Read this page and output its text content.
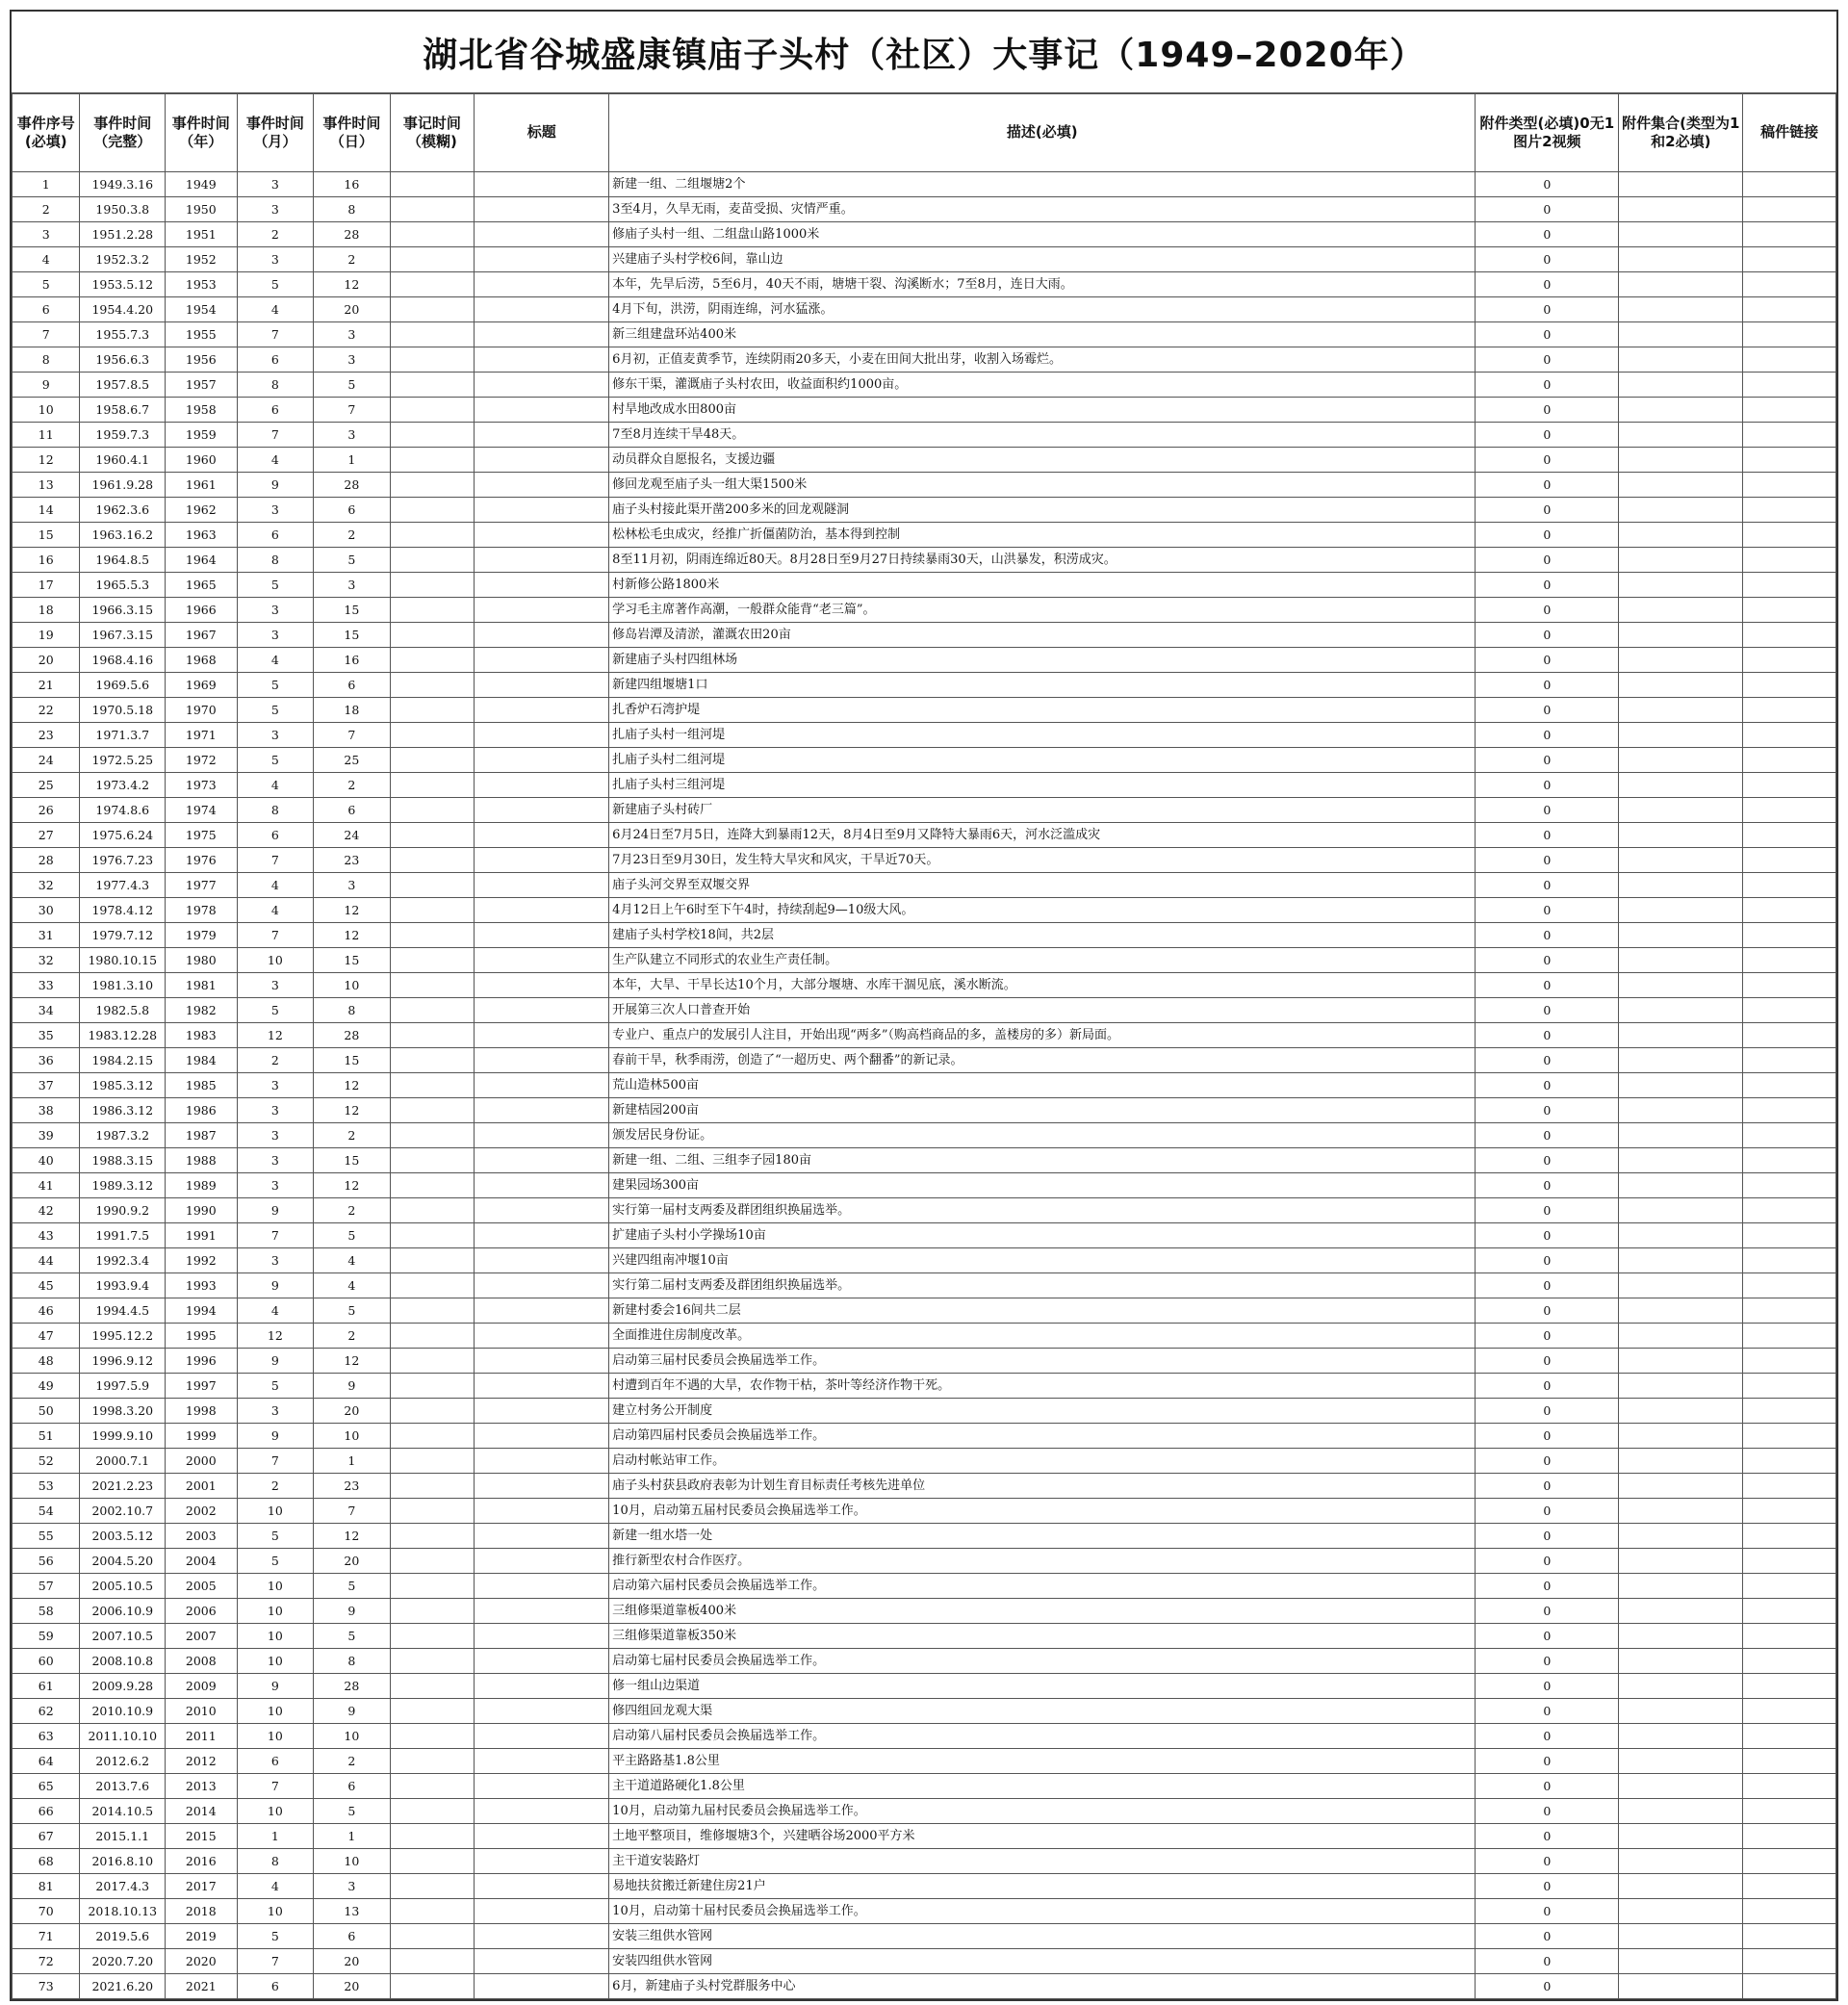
湖北省谷城盛康镇庙子头村（社区）大事记（1949–2020年）
事件序号(必填)	事件时间（完整）	事件时间（年）	事件时间（月）	事件时间（日）	事记时间（模糊)	标题	描述(必填)	附件类型(必填)0无1图片2视频	附件集合(类型为1和2必填)	稿件链接
1	1949.3.16	1949	3	16			新建一组、二组堰塘2个	0		
2	1950.3.8	1950	3	8			3至4月，久旱无雨，麦苗受损、灾情严重。	0		
3	1951.2.28	1951	2	28			修庙子头村一组、二组盘山路1000米	0		
4	1952.3.2	1952	3	2			兴建庙子头村学校6间，靠山边	0		
5	1953.5.12	1953	5	12			本年，先旱后涝，5至6月，40天不雨，塘塘干裂、沟溪断水；7至8月，连日大雨。	0		
6	1954.4.20	1954	4	20			4月下旬，洪涝，阴雨连绵，河水猛涨。	0		
7	1955.7.3	1955	7	3			新三组建盘环站400米	0		
8	1956.6.3	1956	6	3			6月初，正值麦黄季节，连续阴雨20多天，小麦在田间大批出芽，收割入场霉烂。	0		
9	1957.8.5	1957	8	5			修东干渠，灌溉庙子头村农田，收益面积约1000亩。	0		
10	1958.6.7	1958	6	7			村旱地改成水田800亩	0		
11	1959.7.3	1959	7	3			7至8月连续干旱48天。	0		
12	1960.4.1	1960	4	1			动员群众自愿报名，支援边疆	0		
13	1961.9.28	1961	9	28			修回龙观至庙子头一组大渠1500米	0		
14	1962.3.6	1962	3	6			庙子头村接此渠开凿200多米的回龙观隧洞	0		
15	1963.16.2	1963	6	2			松林松毛虫成灾，经推广折僵菌防治，基本得到控制	0		
16	1964.8.5	1964	8	5			8至11月初，阴雨连绵近80天。8月28日至9月27日持续暴雨30天，山洪暴发，积涝成灾。	0		
17	1965.5.3	1965	5	3			村新修公路1800米	0		
18	1966.3.15	1966	3	15			学习毛主席著作高潮，一般群众能背“老三篇”。	0		
19	1967.3.15	1967	3	15			修岛岩潭及清淤，灌溉农田20亩	0		
20	1968.4.16	1968	4	16			新建庙子头村四组林场	0		
21	1969.5.6	1969	5	6			新建四组堰塘1口	0		
22	1970.5.18	1970	5	18			扎香炉石湾护堤	0		
23	1971.3.7	1971	3	7			扎庙子头村一组河堤	0		
24	1972.5.25	1972	5	25			扎庙子头村二组河堤	0		
25	1973.4.2	1973	4	2			扎庙子头村三组河堤	0		
26	1974.8.6	1974	8	6			新建庙子头村砖厂	0		
27	1975.6.24	1975	6	24			6月24日至7月5日，连降大到暴雨12天，8月4日至9月又降特大暴雨6天，河水泛滥成灾	0		
28	1976.7.23	1976	7	23			7月23日至9月30日，发生特大旱灾和风灾，干旱近70天。	0		
32	1977.4.3	1977	4	3			庙子头河交界至双堰交界	0		
30	1978.4.12	1978	4	12			4月12日上午6时至下午4时，持续刮起9—10级大风。	0		
31	1979.7.12	1979	7	12			建庙子头村学校18间，共2层	0		
32	1980.10.15	1980	10	15			生产队建立不同形式的农业生产责任制。	0		
33	1981.3.10	1981	3	10			本年，大旱、干旱长达10个月，大部分堰塘、水库干涸见底，溪水断流。	0		
34	1982.5.8	1982	5	8			开展第三次人口普查开始	0		
35	1983.12.28	1983	12	28			专业户、重点户的发展引人注目，开始出现“两多”（购高档商品的多，盖楼房的多）新局面。	0		
36	1984.2.15	1984	2	15			春前干旱，秋季雨涝，创造了“一超历史、两个翻番”的新记录。	0		
37	1985.3.12	1985	3	12			荒山造林500亩	0		
38	1986.3.12	1986	3	12			新建桔园200亩	0		
39	1987.3.2	1987	3	2			颁发居民身份证。	0		
40	1988.3.15	1988	3	15			新建一组、二组、三组李子园180亩	0		
41	1989.3.12	1989	3	12			建果园场300亩	0		
42	1990.9.2	1990	9	2			实行第一届村支两委及群团组织换届选举。	0		
43	1991.7.5	1991	7	5			扩建庙子头村小学操场10亩	0		
44	1992.3.4	1992	3	4			兴建四组南冲堰10亩	0		
45	1993.9.4	1993	9	4			实行第二届村支两委及群团组织换届选举。	0		
46	1994.4.5	1994	4	5			新建村委会16间共二层	0		
47	1995.12.2	1995	12	2			全面推进住房制度改革。	0		
48	1996.9.12	1996	9	12			启动第三届村民委员会换届选举工作。	0		
49	1997.5.9	1997	5	9			村遭到百年不遇的大旱，农作物干枯，茶叶等经济作物干死。	0		
50	1998.3.20	1998	3	20			建立村务公开制度	0		
51	1999.9.10	1999	9	10			启动第四届村民委员会换届选举工作。	0		
52	2000.7.1	2000	7	1			启动村帐站审工作。	0		
53	2021.2.23	2001	2	23			庙子头村获县政府表彰为计划生育目标责任考核先进单位	0		
54	2002.10.7	2002	10	7			10月，启动第五届村民委员会换届选举工作。	0		
55	2003.5.12	2003	5	12			新建一组水塔一处	0		
56	2004.5.20	2004	5	20			推行新型农村合作医疗。	0		
57	2005.10.5	2005	10	5			启动第六届村民委员会换届选举工作。	0		
58	2006.10.9	2006	10	9			三组修渠道靠板400米	0		
59	2007.10.5	2007	10	5			三组修渠道靠板350米	0		
60	2008.10.8	2008	10	8			启动第七届村民委员会换届选举工作。	0		
61	2009.9.28	2009	9	28			修一组山边渠道	0		
62	2010.10.9	2010	10	9			修四组回龙观大渠	0		
63	2011.10.10	2011	10	10			启动第八届村民委员会换届选举工作。	0		
64	2012.6.2	2012	6	2			平主路路基1.8公里	0		
65	2013.7.6	2013	7	6			主干道道路硬化1.8公里	0		
66	2014.10.5	2014	10	5			10月，启动第九届村民委员会换届选举工作。	0		
67	2015.1.1	2015	1	1			土地平整项目，维修堰塘3个，兴建晒谷场2000平方米	0		
68	2016.8.10	2016	8	10			主干道安装路灯	0		
81	2017.4.3	2017	4	3			易地扶贫搬迁新建住房21户	0		
70	2018.10.13	2018	10	13			10月，启动第十届村民委员会换届选举工作。	0		
71	2019.5.6	2019	5	6			安装三组供水管网	0		
72	2020.7.20	2020	7	20			安装四组供水管网	0		
73	2021.6.20	2021	6	20			6月，新建庙子头村党群服务中心	0		
